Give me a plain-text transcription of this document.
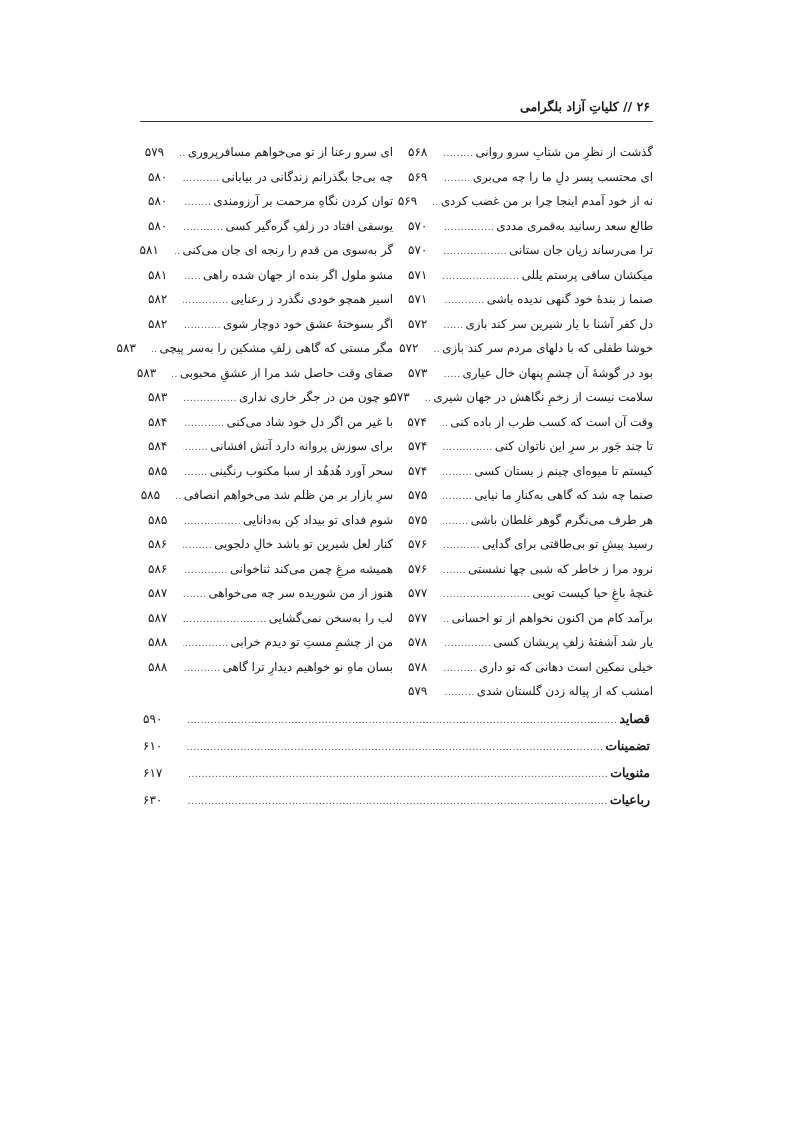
۲۶ // کلیاتِ آزاد بلگرامی
گذشت از نظرِ من شتابِ سرو روانی
.....
۵۶۸
ای محتسب پسر دلِ ما را چه می‌بری
.....
۵۶۹
نه از خود آمدم اینجا چرا بر من غضب کردی
.....
۵۶۹
طالع سعد رسانید به‌قمری مددی
.....
۵۷۰
ترا می‌رساند زیان جان ستانی
.....
۵۷۰
میکشان ساقی پرستم یللی
.....
۵۷۱
صنما ز بندهٔ خود گنهی ندیده باشی
.....
۵۷۱
دل کفر آشنا با یار شیرین سر کند بازی
.....
۵۷۲
خوشا طفلی که با دلهای مردم سر کند بازی
.....
۵۷۲
بود در گوشهٔ آن چشمِ پنهان خال عیاری
.....
۵۷۳
سلامت نیست از زخمِ نگاهش در جهان شیری
.....
۵۷۳
وقت آن است که کسب طرب از باده کنی
.....
۵۷۴
تا چند جَور بر سرِ این ناتوان کنی
.....
۵۷۴
کیستم تا میوه‌ای چینم ز بستان کسی
.....
۵۷۴
صنما چه شد که گاهی به‌کنارِ ما نیایی
.....
۵۷۵
هر طرف می‌نگرم گوهر غلطان باشی
.....
۵۷۵
رسید پیشِ تو بی‌طاقتی برای گدایی
.....
۵۷۶
نرود مرا ز خاطر که شبی چها نشستی
.....
۵۷۶
غنچهٔ باغِ حیا کیست تویی
.....
۵۷۷
برآمد کام من اکنون نخواهم از تو احسانی
.....
۵۷۷
یار شد آشفتهٔ زلفِ پریشان کسی
.....
۵۷۸
خیلی نمکین است دهانی که تو داری
.....
۵۷۸
امشب که از پیاله زدن گلستان شدی
.....
۵۷۹
ای سرو رعنا از تو می‌خواهم مسافرپروری
.....
۵۷۹
چه بی‌جا بگذرانم زندگانی در بیابانی
.....
۵۸۰
توان کردن نگاهِ مرحمت بر آرزومندی
.....
۵۸۰
یوسفی افتاد در زلفِ گره‌گیر کسی
.....
۵۸۰
گر به‌سوی من قدم را رنجه ای جان می‌کنی
.....
۵۸۱
مشو ملول اگر بنده از جهان شده راهی
.....
۵۸۱
اسیر همچو خودی نگذرد ز رعنایی
.....
۵۸۲
اگر بسوختهٔ عشق خود دوچار شوی
.....
۵۸۲
مگر مستی که گاهی زلفِ مشکین را به‌سر پیچی
.....
۵۸۳
صفای وقت حاصل شد مرا از عشقِ محبوبی
.....
۵۸۳
تو چون من در جگر خاری نداری
.....
۵۸۳
با غیر من اگر دل خود شاد می‌کنی
.....
۵۸۴
برای سوزش پروانه دارد آتش افشانی
.....
۵۸۴
سحر آورد هُدهُد از سبا مکتوب رنگینی
.....
۵۸۵
سرِ بازار بر من ظلم شد می‌خواهم انصافی
.....
۵۸۵
شوم فدای تو بیداد کن به‌دانایی
.....
۵۸۵
کنار لعل شیرین تو باشد خالِ دلجویی
.....
۵۸۶
همیشه مرغِ چمن می‌کند ثناخوانی
.....
۵۸۶
هنوز از من شوریده سر چه می‌خواهی
.....
۵۸۷
لب را به‌سخن نمی‌گشایی
.....
۵۸۷
من از چشمِ مستِ تو دیدم خرابی
.....
۵۸۸
بسان ماهِ نو خواهیم دیدارِ ترا گاهی
.....
۵۸۸
قصاید
.....
۵۹۰
تضمینات
.....
۶۱۰
مثنویات
.....
۶۱۷
رباعیات
.....
۶۳۰
